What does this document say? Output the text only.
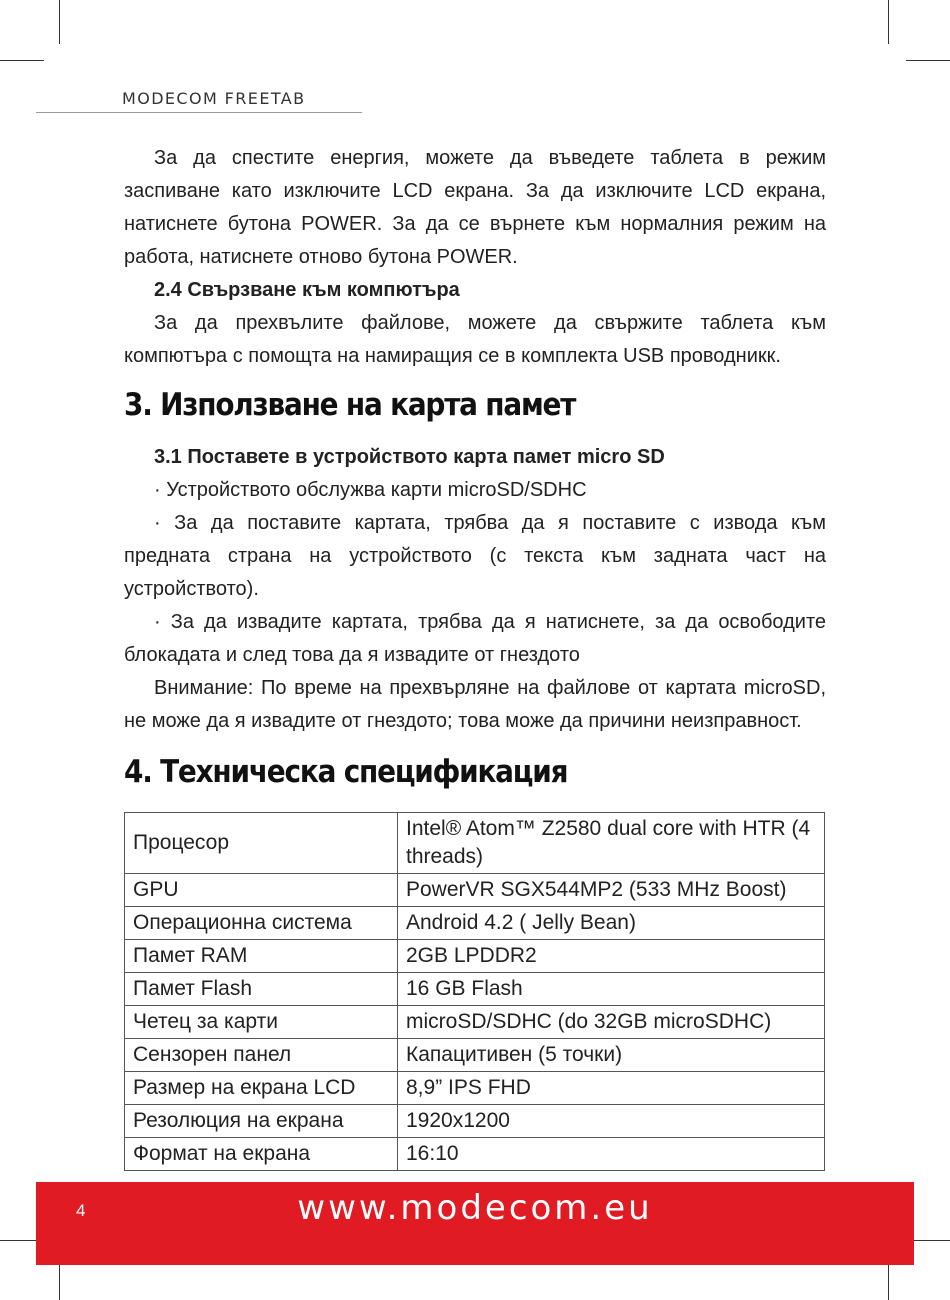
MODECOM FREETAB

За да спестите енергия, можете да въведете таблета в режим заспиване като изключите LCD екрана. За да изключите LCD екрана, натиснете бутона POWER. За да се върнете към нормалния режим на работа, натиснете отново бутона POWER.

2.4 Свързване към компютъра

За да прехвълите файлове, можете да свържите таблета към компютъра с помощта на намиращия се в комплекта USB проводникк.

3. Използване на карта памет

3.1 Поставете в устройството карта памет micro SD

· Устройството обслужва карти microSD/SDHC

· За да поставите картата, трябва да я поставите с извода към предната страна на устройството (с текста към задната част на устройството).

· За да извадите картата, трябва да я натиснете, за да освободите блокадата и след това да я извадите от гнездото

Внимание: По време на прехвърляне на файлове от картата microSD, не може да я извадите от гнездото; това може да причини неизправност.

4. Техническа спецификация
Процесор	Intel® Atom™ Z2580 dual core with HTR (4 threads)
GPU	PowerVR SGX544MP2 (533 MHz Boost)
Операционна система	Android 4.2 ( Jelly Bean)
Памет RAM	2GB LPDDR2
Памет Flash	16 GB Flash
Четец за карти	microSD/SDHC (do 32GB microSDHC)
Сензорен панел	Капацитивен (5 точки)
Размер на екрана LCD	8,9” IPS FHD
Резолюция на екрана	1920x1200
Формат на екрана	16:10
4	www.modecom.eu
